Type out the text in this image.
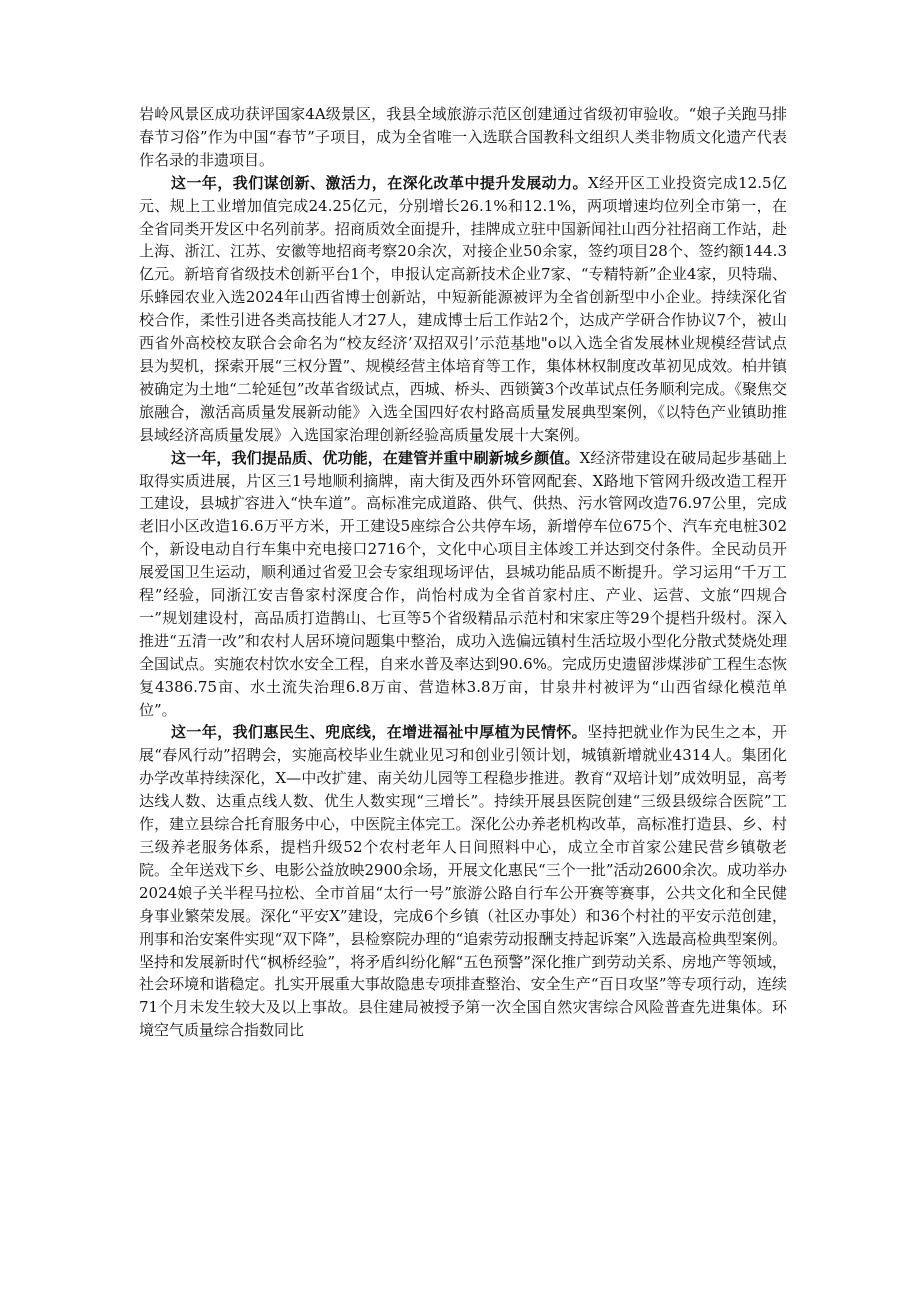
岩岭风景区成功获评国家4A级景区，我县全域旅游示范区创建通过省级初审验收。“娘子关跑马排春节习俗”作为中国“春节”子项目，成为全省唯一入选联合国教科文组织人类非物质文化遗产代表作名录的非遗项目。

这一年，我们谋创新、激活力，在深化改革中提升发展动力。X经开区工业投资完成12.5亿元、规上工业增加值完成24.25亿元，分别增长26.1%和12.1%，两项增速均位列全市第一，在全省同类开发区中名列前茅。招商质效全面提升，挂牌成立驻中国新闻社山西分社招商工作站，赴上海、浙江、江苏、安徽等地招商考察20余次，对接企业50余家，签约项目28个、签约额144.3亿元。新培育省级技术创新平台1个，申报认定高新技术企业7家、“专精特新”企业4家，贝特瑞、乐蜂园农业入选2024年山西省博士创新站，中短新能源被评为全省创新型中小企业。持续深化省校合作，柔性引进各类高技能人才27人，建成博士后工作站2个，达成产学研合作协议7个，被山西省外高校校友联合会命名为“校友经济’双招双引’示范基地"o以入选全省发展林业规模经营试点县为契机，探索开展“三权分置”、规模经营主体培育等工作，集体林权制度改革初见成效。柏井镇被确定为土地“二轮延包”改革省级试点，西城、桥头、西锁簧3个改革试点任务顺利完成。《聚焦交旅融合，激活高质量发展新动能》入选全国四好农村路高质量发展典型案例，《以特色产业镇助推县域经济高质量发展》入选国家治理创新经验高质量发展十大案例。

这一年，我们提品质、优功能，在建管并重中刷新城乡颜值。X经济带建设在破局起步基础上取得实质进展，片区三1号地顺利摘牌，南大街及西外环管网配套、X路地下管网升级改造工程开工建设，县城扩容进入“快车道”。高标准完成道路、供气、供热、污水管网改造76.97公里，完成老旧小区改造16.6万平方米，开工建设5座综合公共停车场，新增停车位675个、汽车充电桩302个，新设电动自行车集中充电接口2716个，文化中心项目主体竣工并达到交付条件。全民动员开展爱国卫生运动，顺利通过省爱卫会专家组现场评估，县城功能品质不断提升。学习运用“千万工程”经验，同浙江安吉鲁家村深度合作，尚怡村成为全省首家村庄、产业、运营、文旅“四规合一”规划建设村，高品质打造鹊山、七亘等5个省级精品示范村和宋家庄等29个提档升级村。深入推进“五清一改”和农村人居环境问题集中整治，成功入选偏远镇村生活垃圾小型化分散式焚烧处理全国试点。实施农村饮水安全工程，自来水普及率达到90.6%。完成历史遗留涉煤涉矿工程生态恢复4386.75亩、水土流失治理6.8万亩、营造林3.8万亩，甘泉井村被评为“山西省绿化模范单位”。

这一年，我们惠民生、兜底线，在增进福祉中厚植为民情怀。坚持把就业作为民生之本，开展“春风行动”招聘会，实施高校毕业生就业见习和创业引领计划，城镇新增就业4314人。集团化办学改革持续深化，X—中改扩建、南关幼儿园等工程稳步推进。教育“双培计划”成效明显，高考达线人数、达重点线人数、优生人数实现“三增长”。持续开展县医院创建“三级县级综合医院”工作，建立县综合托育服务中心，中医院主体完工。深化公办养老机构改革，高标准打造县、乡、村三级养老服务体系，提档升级52个农村老年人日间照料中心，成立全市首家公建民营乡镇敬老院。全年送戏下乡、电影公益放映2900余场，开展文化惠民“三个一批”活动2600余次。成功举办2024娘子关半程马拉松、全市首届“太行一号”旅游公路自行车公开赛等赛事，公共文化和全民健身事业繁荣发展。深化“平安X”建设，完成6个乡镇（社区办事处）和36个村社的平安示范创建，刑事和治安案件实现“双下降”，县检察院办理的“追索劳动报酬支持起诉案”入选最高检典型案例。坚持和发展新时代“枫桥经验”，将矛盾纠纷化解“五色预警”深化推广到劳动关系、房地产等领域，社会环境和谐稳定。扎实开展重大事故隐患专项排查整治、安全生产“百日攻坚”等专项行动，连续71个月未发生较大及以上事故。县住建局被授予第一次全国自然灾害综合风险普查先进集体。环境空气质量综合指数同比
